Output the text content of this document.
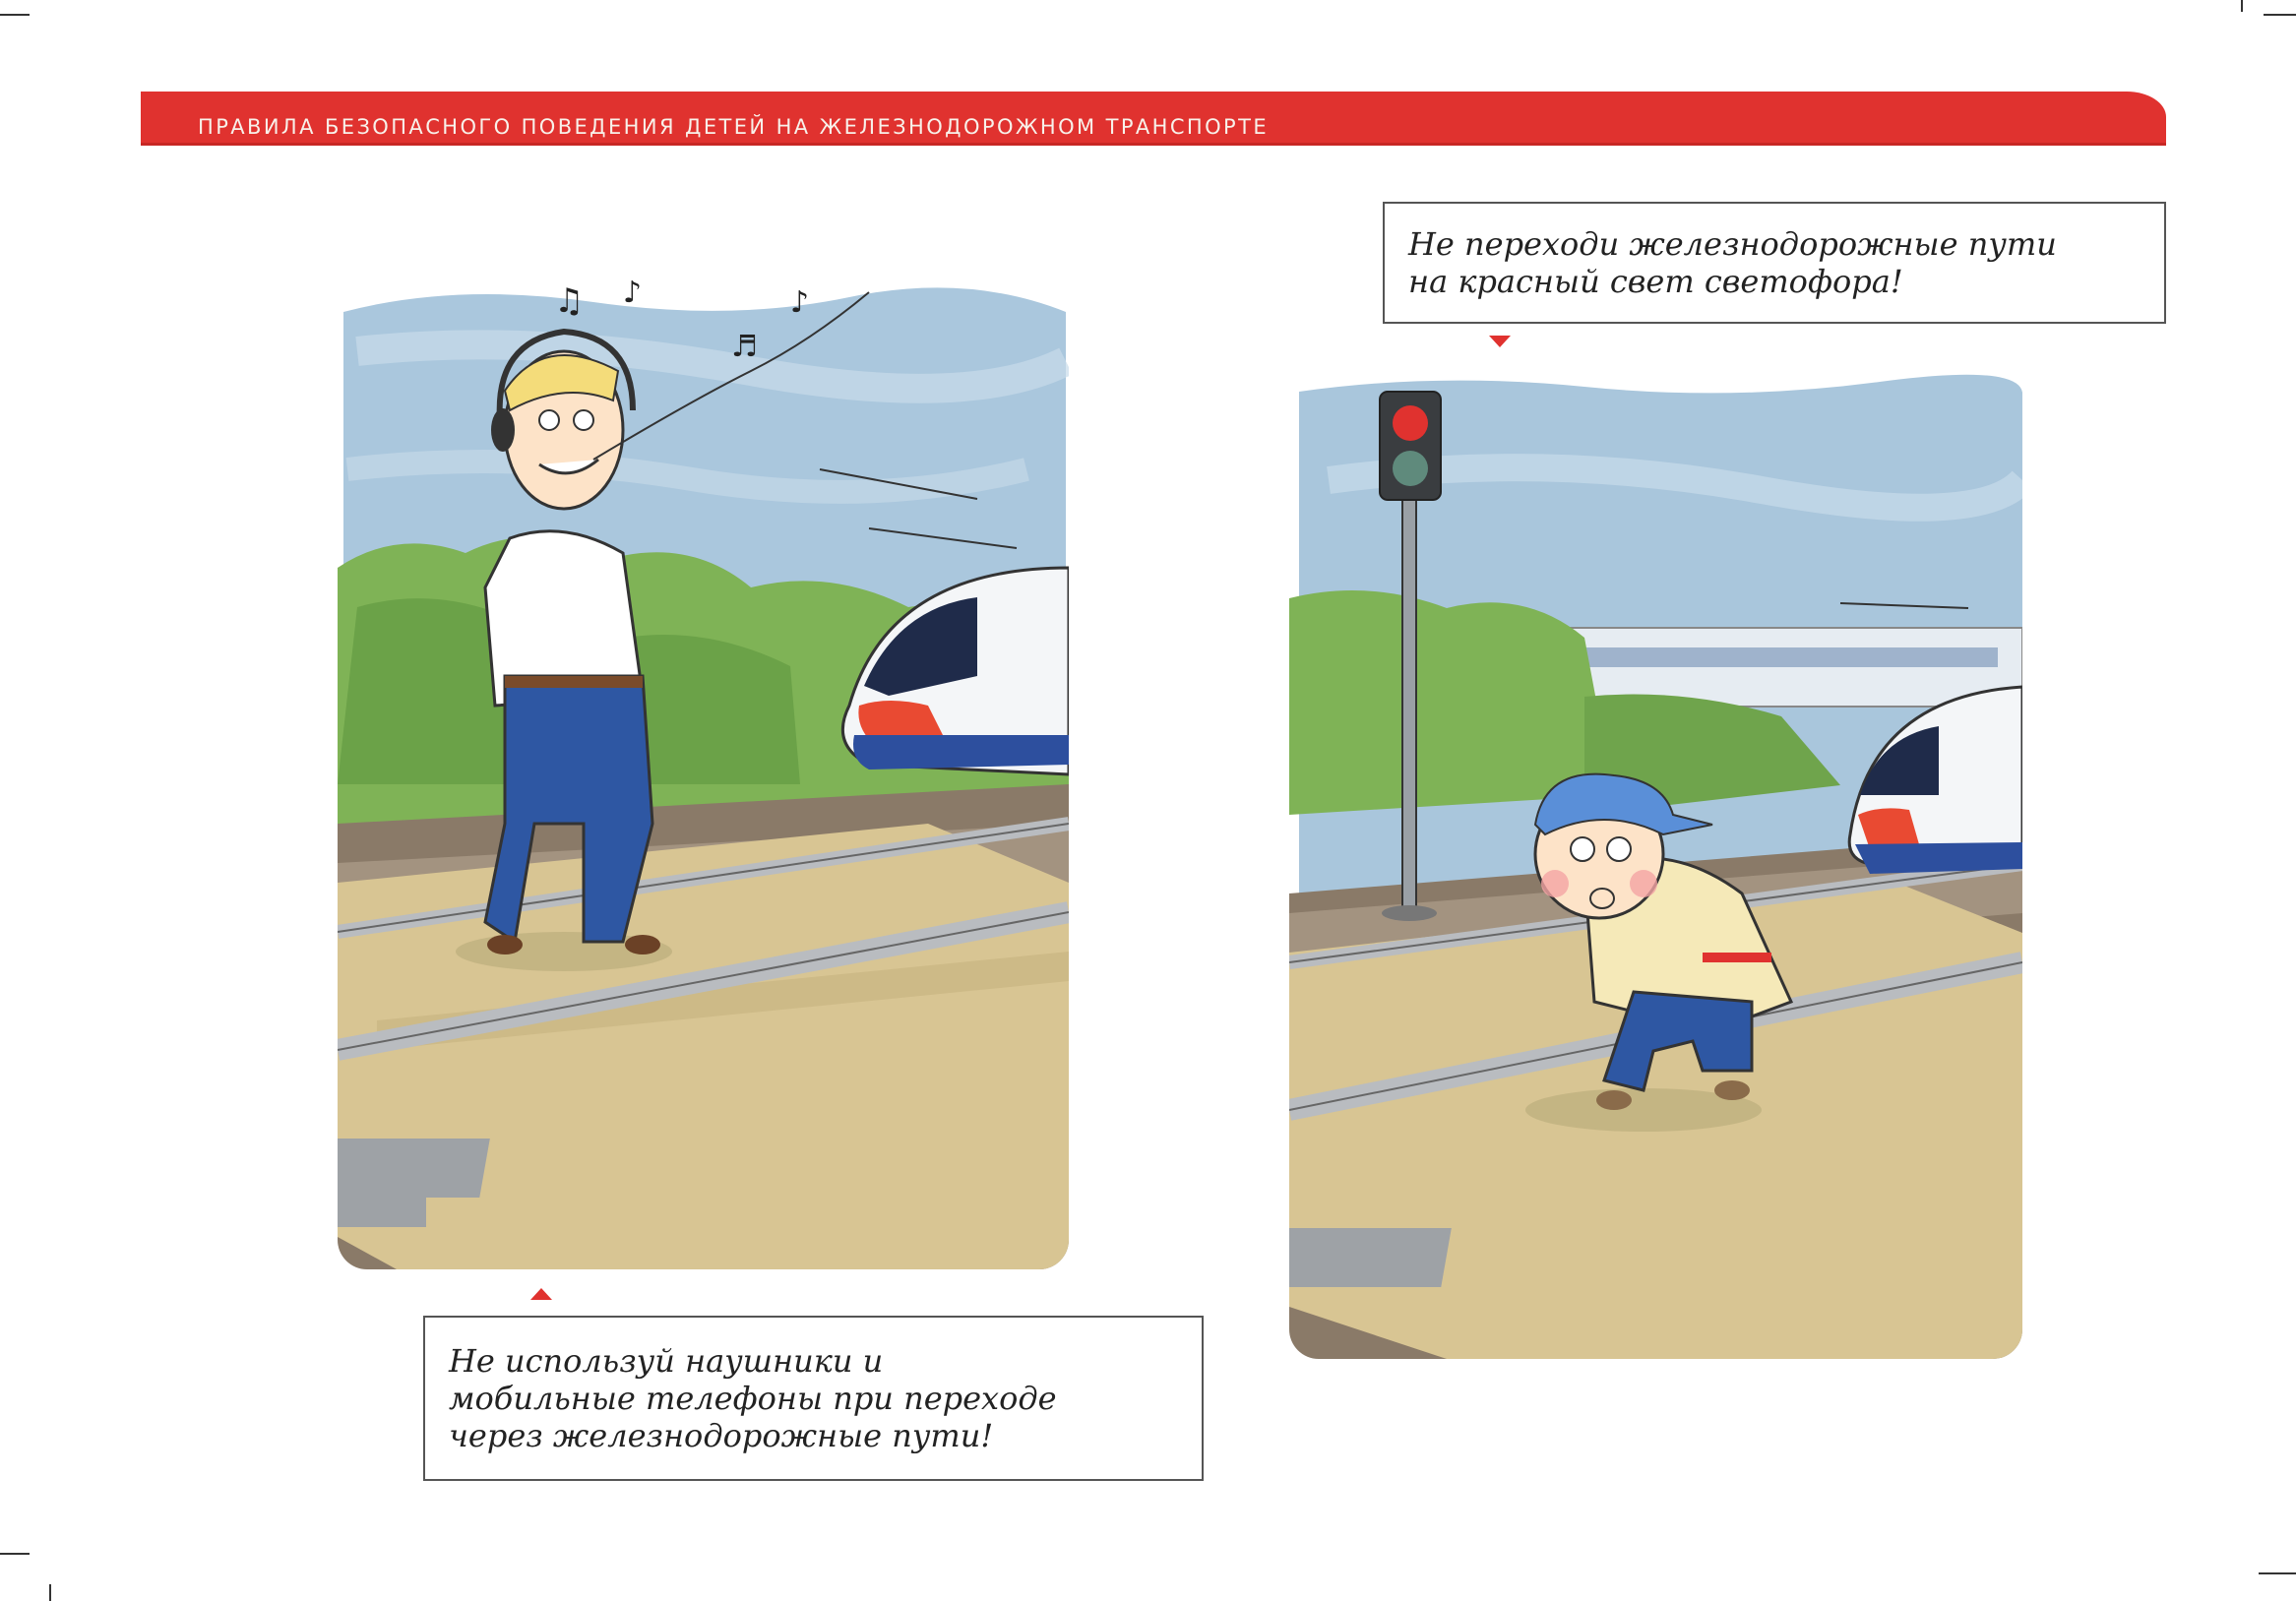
ПРАВИЛА БЕЗОПАСНОГО ПОВЕДЕНИЯ ДЕТЕЙ НА ЖЕЛЕЗНОДОРОЖНОМ ТРАНСПОРТЕ
♫ ♪
♬
♪
Не используй наушники и
мобильные телефоны при переходе
через железнодорожные пути!
Не переходи железнодорожные пути
на красный свет светофора!
